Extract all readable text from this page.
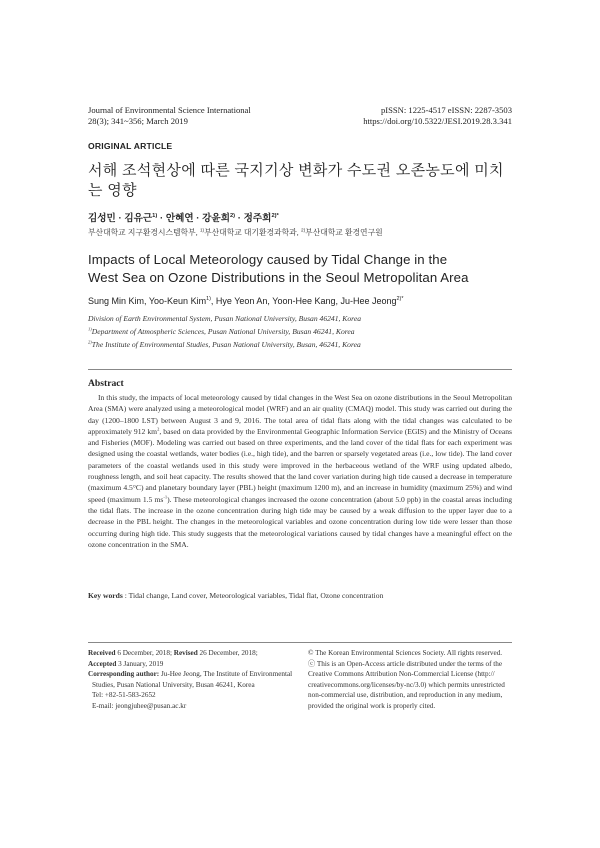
Journal of Environmental Science International
28(3); 341~356; March 2019
pISSN: 1225-4517 eISSN: 2287-3503
https://doi.org/10.5322/JESI.2019.28.3.341
ORIGINAL ARTICLE
서해 조석현상에 따른 국지기상 변화가 수도권 오존농도에 미치는 영향
김성민 · 김유근$^{1)}$ · 안혜연 · 강윤희$^{2)}$ · 정주희$^{2)*}$
부산대학교 지구환경시스템학부, $^{1)}$부산대학교 대기환경과학과, $^{2)}$부산대학교 환경연구원
Impacts of Local Meteorology caused by Tidal Change in the
West Sea on Ozone Distributions in the Seoul Metropolitan Area
Sung Min Kim, Yoo-Keun Kim$^{1)}$, Hye Yeon An, Yoon-Hee Kang, Ju-Hee Jeong$^{2)*}$
Division of Earth Environmental System, Pusan National University, Busan 46241, Korea
$^{1)}$Department of Atmospheric Sciences, Pusan National University, Busan 46241, Korea
$^{2)}$The Institute of Environmental Studies, Pusan National University, Busan, 46241, Korea
Abstract

In this study, the impacts of local meteorology caused by tidal changes in the West Sea on ozone distributions in the Seoul Metropolitan Area (SMA) were analyzed using a meteorological model (WRF) and an air quality (CMAQ) model. This study was carried out during the day (1200–1800 LST) between August 3 and 9, 2016. The total area of tidal flats along with the tidal changes was calculated to be approximately 912 $km^2$, based on data provided by the Environmental Geographic Information Service (EGIS) and the Ministry of Oceans and Fisheries (MOF). Modeling was carried out based on three experiments, and the land cover of the tidal flats for each experiment was designed using the coastal wetlands, water bodies (i.e., high tide), and the barren or sparsely vegetated areas (i.e., low tide). The land cover parameters of the coastal wetlands used in this study were improved in the herbaceous wetland of the WRF using updated albedo, roughness length, and soil heat capacity. The results showed that the land cover variation during high tide caused a decrease in temperature (maximum 4.5°C) and planetary boundary layer (PBL) height (maximum 1200 m), and an increase in humidity (maximum 25%) and wind speed (maximum 1.5 $ms^{-1}$). These meteorological changes increased the ozone concentration (about 5.0 ppb) in the coastal areas including the tidal flats. The increase in the ozone concentration during high tide may be caused by a weak diffusion to the upper layer due to a decrease in the PBL height. The changes in the meteorological variables and ozone concentration during low tide were lesser than those occurring during high tide. This study suggests that the meteorological variations caused by tidal changes have a meaningful effect on the ozone concentration in the SMA.

Key words : Tidal change, Land cover, Meteorological variables, Tidal flat, Ozone concentration
Received 6 December, 2018; Revised 26 December, 2018;
Accepted 3 January, 2019
Corresponding author: Ju-Hee Jeong, The Institute of Environmental
Studies, Pusan National University, Busan 46241, Korea
Tel: +82-51-583-2652
E-mail: jeongjuhee@pusan.ac.kr
© The Korean Environmental Sciences Society. All rights reserved.
ⓒ This is an Open-Access article distributed under the terms of the
Creative Commons Attribution Non-Commercial License (http://
creativecommons.org/licenses/by-nc/3.0) which permits unrestricted
non-commercial use, distribution, and reproduction in any medium,
provided the original work is properly cited.
